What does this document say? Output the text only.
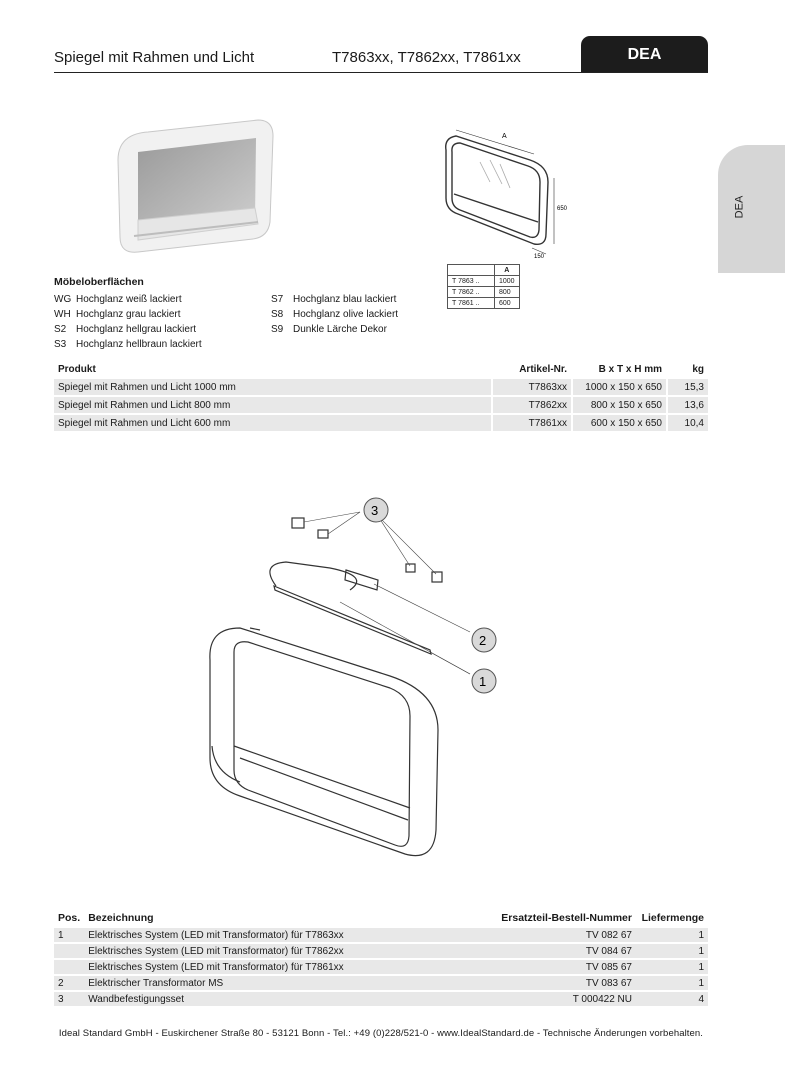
Spiegel mit Rahmen und Licht	T7863xx, T7862xx, T7861xx	DEA
DEA
A
650
150
	A
T 7863 ..	1000
T 7862 ..	800
T 7861 ..	600
Möbeloberflächen
WG Hochglanz weiß lackiert
WH Hochglanz grau lackiert
S2 Hochglanz hellgrau lackiert
S3 Hochglanz hellbraun lackiert
S7 Hochglanz blau lackiert
S8 Hochglanz olive lackiert
S9 Dunkle Lärche Dekor
Produkt		Artikel-Nr.		B x T x H mm		kg
Spiegel mit Rahmen und Licht 1000 mm		T7863xx		1000 x 150 x 650		15,3
Spiegel mit Rahmen und Licht 800 mm		T7862xx		800 x 150 x 650		13,6
Spiegel mit Rahmen und Licht 600 mm		T7861xx		600 x 150 x 650		10,4
3
2
1
Pos.	Bezeichnung	Ersatzteil-Bestell-Nummer	Liefermenge
1	Elektrisches System (LED mit Transformator) für T7863xx	TV 082 67	1
	Elektrisches System (LED mit Transformator) für T7862xx	TV 084 67	1
	Elektrisches System (LED mit Transformator) für T7861xx	TV 085 67	1
2	Elektrischer Transformator MS	TV 083 67	1
3	Wandbefestigungsset	T 000422 NU	4
Ideal Standard GmbH - Euskirchener Straße 80 - 53121 Bonn - Tel.: +49 (0)228/521-0 - www.IdealStandard.de - Technische Änderungen vorbehalten.
